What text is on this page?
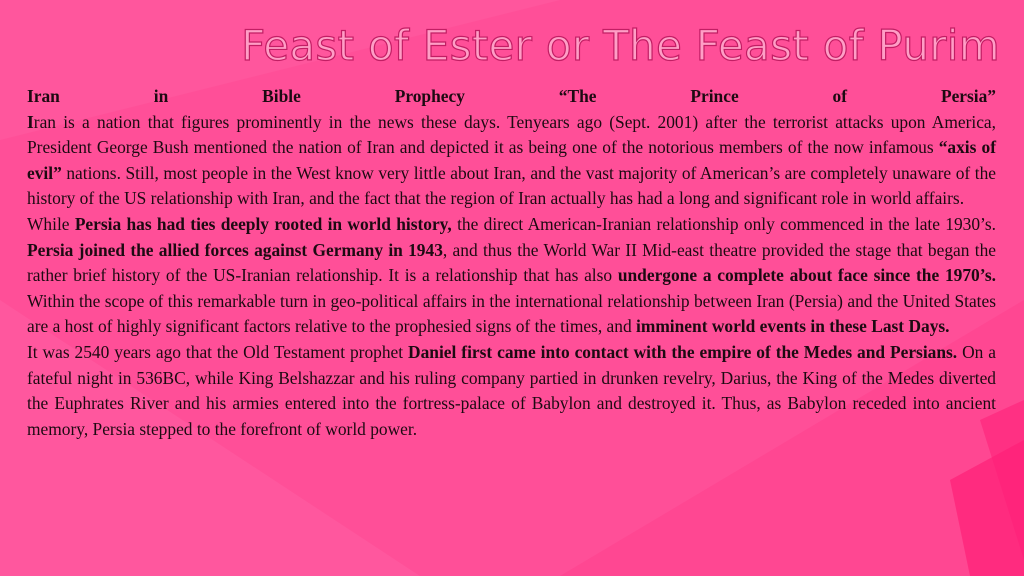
Feast of Ester or The Feast of Purim

Iran in Bible Prophecy “The Prince of Persia”

Iran is a nation that figures prominently in the news these days. Tenyears ago (Sept. 2001) after the terrorist attacks upon America, President George Bush mentioned the nation of Iran and depicted it as being one of the notorious members of the now infamous “axis of evil” nations. Still, most people in the West know very little about Iran, and the vast majority of American’s are completely unaware of the history of the US relationship with Iran, and the fact that the region of Iran actually has had a long and significant role in world affairs.

While Persia has had ties deeply rooted in world history, the direct American-Iranian relationship only commenced in the late 1930’s. Persia joined the allied forces against Germany in 1943, and thus the World War II Mid-east theatre provided the stage that began the rather brief history of the US-Iranian relationship. It is a relationship that has also undergone a complete about face since the 1970’s. Within the scope of this remarkable turn in geo-political affairs in the international relationship between Iran (Persia) and the United States are a host of highly significant factors relative to the prophesied signs of the times, and imminent world events in these Last Days.

It was 2540 years ago that the Old Testament prophet Daniel first came into contact with the empire of the Medes and Persians. On a fateful night in 536BC, while King Belshazzar and his ruling company partied in drunken revelry, Darius, the King of the Medes diverted the Euphrates River and his armies entered into the fortress-palace of Babylon and destroyed it. Thus, as Babylon receded into ancient memory, Persia stepped to the forefront of world power.
